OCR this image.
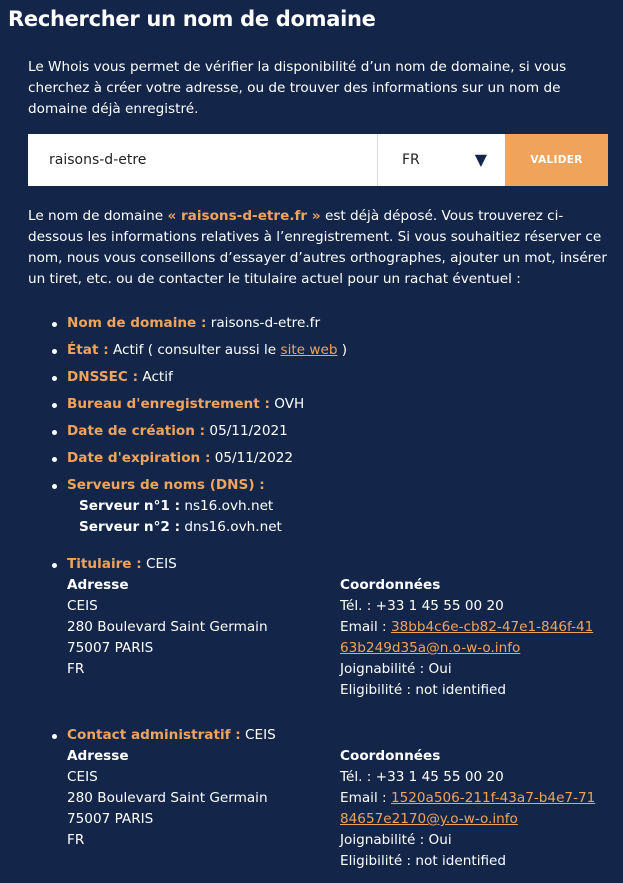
Rechercher un nom de domaine

Le Whois vous permet de vérifier la disponibilité d’un nom de domaine, si vous cherchez à créer votre adresse, ou de trouver des informations sur un nom de domaine déjà enregistré.

raisons-d-etre
FR	▼	VALIDER

Le nom de domaine « raisons-d-etre.fr » est déjà déposé. Vous trouverez ci-dessous les informations relatives à l’enregistrement. Si vous souhaitiez réserver ce nom, nous vous conseillons d’essayer d’autres orthographes, ajouter un mot, insérer un tiret, etc. ou de contacter le titulaire actuel pour un rachat éventuel :

Nom de domaine : raisons-d-etre.fr
État : Actif ( consulter aussi le site web )
DNSSEC : Actif
Bureau d'enregistrement : OVH
Date de création : 05/11/2021
Date d'expiration : 05/11/2022
Serveurs de noms (DNS) :
Serveur n°1 : ns16.ovh.net
Serveur n°2 : dns16.ovh.net
Titulaire : CEIS
Adresse
CEIS
280 Boulevard Saint Germain
75007 PARIS
FR
Coordonnées
Tél. : +33 1 45 55 00 20
Email : 38bb4c6e-cb82-47e1-846f-4163b249d35a@n.o-w-o.info
Joignabilité : Oui
Eligibilité : not identified
Contact administratif : CEIS
Adresse
CEIS
280 Boulevard Saint Germain
75007 PARIS
FR
Coordonnées
Tél. : +33 1 45 55 00 20
Email : 1520a506-211f-43a7-b4e7-7184657e2170@y.o-w-o.info
Joignabilité : Oui
Eligibilité : not identified
